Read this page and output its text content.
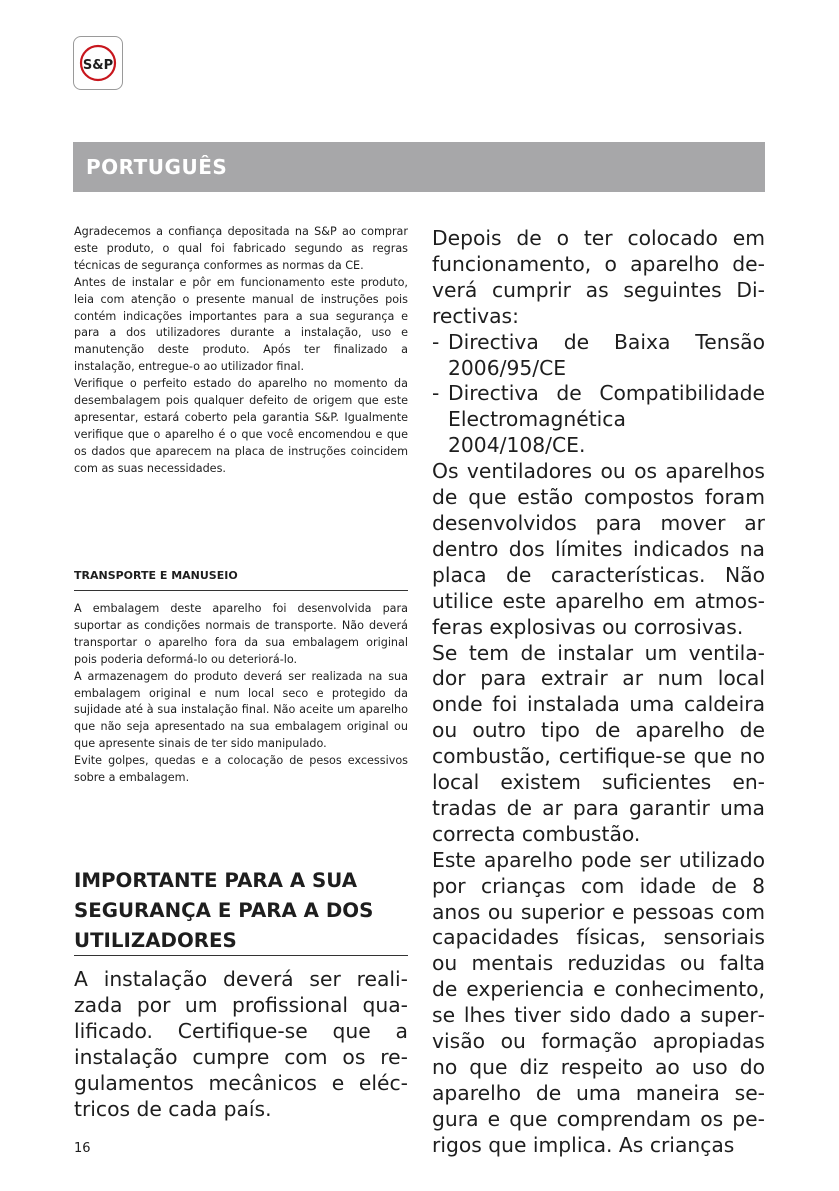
S&P
PORTUGUÊS

Agradecemos a confiança depositada na S&P ao comprar este produto, o qual foi fabricado segundo as regras técnicas de segurança conformes as normas da CE.

Antes de instalar e pôr em funcionamento este produto, leia com atenção o presente manual de instruções pois contém indicações importantes para a sua segurança e para a dos utilizadores durante a instalação, uso e manutenção deste produto. Após ter finalizado a instalação, entregue-o ao utilizador final.

Verifique o perfeito estado do aparelho no momento da desembalagem pois qualquer defeito de origem que este apresentar, estará coberto pela garantia S&P. Igualmente verifique que o aparelho é o que você encomendou e que os dados que aparecem na placa de instruções coincidem com as suas necessidades.

TRANSPORTE E MANUSEIO

A embalagem deste aparelho foi desenvolvida para suportar as condições normais de transporte. Não deverá transportar o aparelho fora da sua embalagem original pois poderia deformá-lo ou deteriorá-lo.

A armazenagem do produto deverá ser realizada na sua embalagem original e num local seco e protegido da sujidade até à sua instalação final. Não aceite um aparelho que não seja apresentado na sua embalagem original ou que apresente sinais de ter sido manipulado.

Evite golpes, quedas e a colocação de pesos excessivos sobre a embalagem.

IMPORTANTE PARA A SUA
SEGURANÇA E PARA A DOS
UTILIZADORES

A instalação deverá ser realizada por um profissional qualificado. Certifique-se que a instalação cumpre com os regulamentos mecânicos e eléctricos de cada país.

Depois de o ter colocado em funcionamento, o aparelho deverá cumprir as seguintes Directivas:

- Directiva de Baixa Tensão 2006/95/CE
- Directiva de Compatibilidade Electromagnética 2004/108/CE.

Os ventiladores ou os aparelhos de que estão compostos foram desenvolvidos para mover ar dentro dos límites indicados na placa de características. Não utilice este aparelho em atmosferas explosivas ou corrosivas.

Se tem de instalar um ventilador para extrair ar num local onde foi instalada uma caldeira ou outro tipo de aparelho de combustão, certifique-se que no local existem suficientes entradas de ar para garantir uma correcta combustão.

Este aparelho pode ser utilizado por crianças com idade de 8 anos ou superior e pessoas com capacidades físicas, sensoriais ou mentais reduzidas ou falta de experiencia e conhecimento, se lhes tiver sido dado a supervisão ou formação apropiadas no que diz respeito ao uso do aparelho de uma maneira segura e que comprendam os perigos que implica. As crianças

16
